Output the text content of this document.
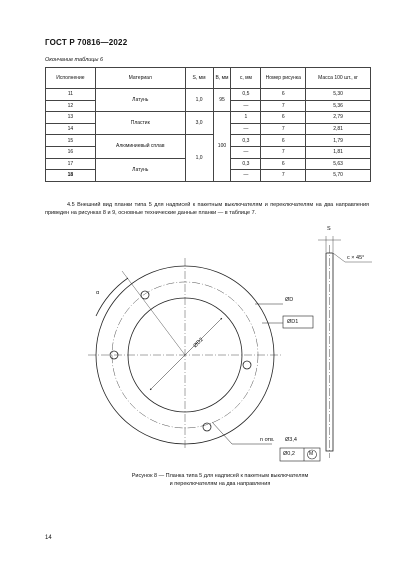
ГОСТ Р 70816—2022
Окончание таблицы 6
Исполнение	Материал	S, мм	B, мм	c, мм	Номер рисунка	Масса 100 шт., кг
11	Латунь	1,0	95	0,5	6	5,30
12				—	7	5,36
13	Пластик	3,0	100	1	6	2,79
14				—	7	2,81
15	Алюминиевый сплав	1,0		0,3	6	1,79
16				—	7	1,81
17	Латунь			0,3	6	5,63
18				—	7	5,70
4.5 Внешний вид планки типа 5 для надписей к пакетным выключателям и переключателям на два направления приведен на рисунках 8 и 9, основные технические данные планки — в таблице 7.
S
c × 45°
α
ØD
ØD1
ØD2
n отв. Ø3,4
Ø0,2	M
Рисунок 8 — Планка типа 5 для надписей к пакетным выключателям
и переключателям на два направления
14
